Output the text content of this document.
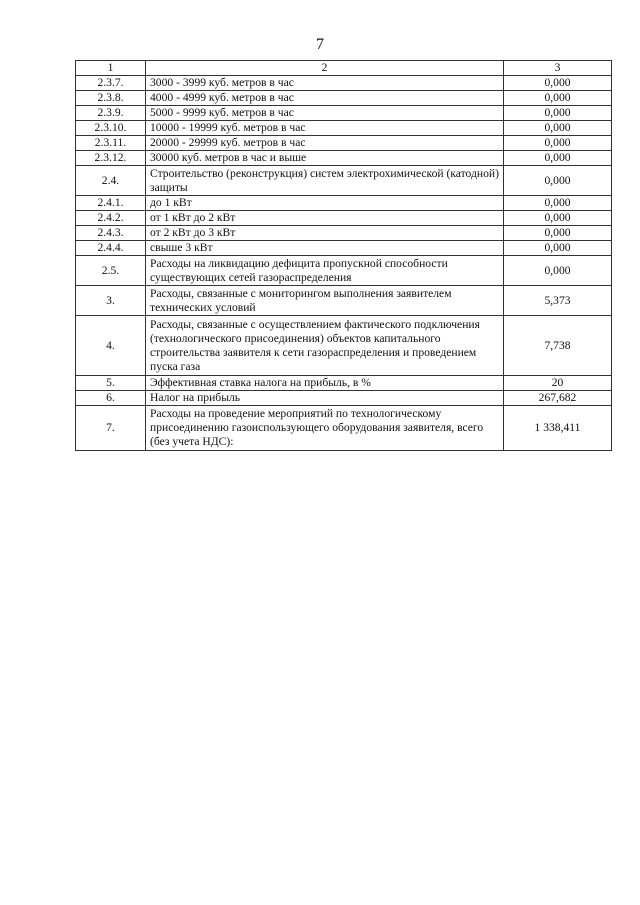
7
1	2	3
2.3.7.	3000 - 3999 куб. метров в час	0,000
2.3.8.	4000 - 4999 куб. метров в час	0,000
2.3.9.	5000 - 9999 куб. метров в час	0,000
2.3.10.	10000 - 19999 куб. метров в час	0,000
2.3.11.	20000 - 29999 куб. метров в час	0,000
2.3.12.	30000 куб. метров в час и выше	0,000
2.4.	Строительство (реконструкция) систем электрохимической (катодной) защиты	0,000
2.4.1.	до 1 кВт	0,000
2.4.2.	от 1 кВт до 2 кВт	0,000
2.4.3.	от 2 кВт до 3 кВт	0,000
2.4.4.	свыше 3 кВт	0,000
2.5.	Расходы на ликвидацию дефицита пропускной способности существующих сетей газораспределения	0,000
3.	Расходы, связанные с мониторингом выполнения заявителем технических условий	5,373
4.	Расходы, связанные с осуществлением фактического подключения (технологического присоединения) объектов капитального строительства заявителя к сети газораспределения и проведением пуска газа	7,738
5.	Эффективная ставка налога на прибыль, в %	20
6.	Налог на прибыль	267,682
7.	Расходы на проведение мероприятий по технологическому присоединению газоиспользующего оборудования заявителя, всего (без учета НДС):	1 338,411
